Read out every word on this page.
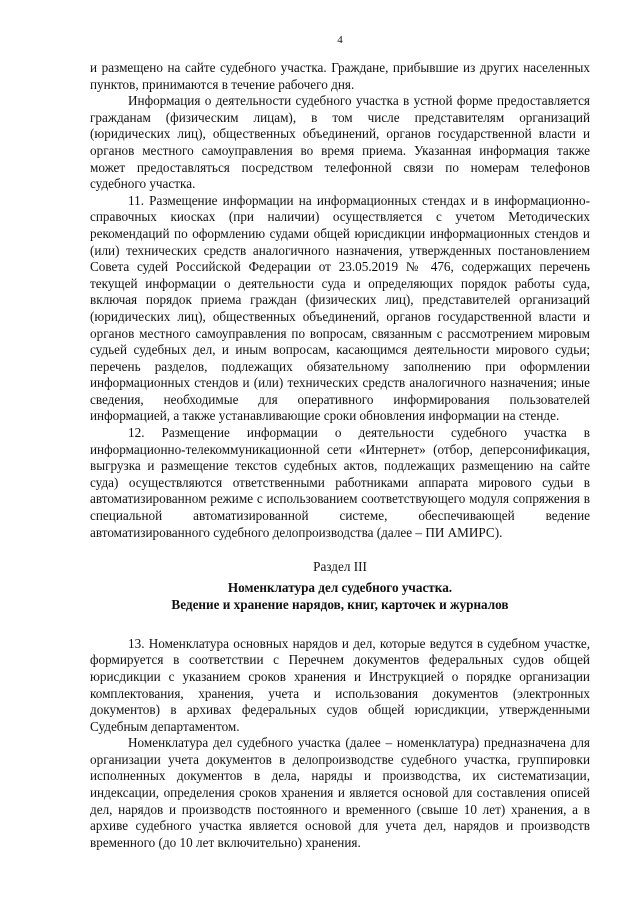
4

и размещено на сайте судебного участка. Граждане, прибывшие из других населенных пунктов, принимаются в течение рабочего дня.

Информация о деятельности судебного участка в устной форме предоставляется гражданам (физическим лицам), в том числе представителям организаций (юридических лиц), общественных объединений, органов государственной власти и органов местного самоуправления во время приема. Указанная информация также может предоставляться посредством телефонной связи по номерам телефонов судебного участка.

11. Размещение информации на информационных стендах и в информационно-справочных киосках (при наличии) осуществляется с учетом Методических рекомендаций по оформлению судами общей юрисдикции информационных стендов и (или) технических средств аналогичного назначения, утвержденных постановлением Совета судей Российской Федерации от 23.05.2019 № 476, содержащих перечень текущей информации о деятельности суда и определяющих порядок работы суда, включая порядок приема граждан (физических лиц), представителей организаций (юридических лиц), общественных объединений, органов государственной власти и органов местного самоуправления по вопросам, связанным с рассмотрением мировым судьей судебных дел, и иным вопросам, касающимся деятельности мирового судьи; перечень разделов, подлежащих обязательному заполнению при оформлении информационных стендов и (или) технических средств аналогичного назначения; иные сведения, необходимые для оперативного информирования пользователей информацией, а также устанавливающие сроки обновления информации на стенде.

12. Размещение информации о деятельности судебного участка в информационно-телекоммуникационной сети «Интернет» (отбор, деперсонификация, выгрузка и размещение текстов судебных актов, подлежащих размещению на сайте суда) осуществляются ответственными работниками аппарата мирового судьи в автоматизированном режиме с использованием соответствующего модуля сопряжения в специальной автоматизированной системе, обеспечивающей ведение автоматизированного судебного делопроизводства (далее – ПИ АМИРС).

Раздел III
Номенклатура дел судебного участка.
Ведение и хранение нарядов, книг, карточек и журналов

13. Номенклатура основных нарядов и дел, которые ведутся в судебном участке, формируется в соответствии с Перечнем документов федеральных судов общей юрисдикции с указанием сроков хранения и Инструкцией о порядке организации комплектования, хранения, учета и использования документов (электронных документов) в архивах федеральных судов общей юрисдикции, утвержденными Судебным департаментом.

Номенклатура дел судебного участка (далее – номенклатура) предназначена для организации учета документов в делопроизводстве судебного участка, группировки исполненных документов в дела, наряды и производства, их систематизации, индексации, определения сроков хранения и является основой для составления описей дел, нарядов и производств постоянного и временного (свыше 10 лет) хранения, а в архиве судебного участка является основой для учета дел, нарядов и производств временного (до 10 лет включительно) хранения.
